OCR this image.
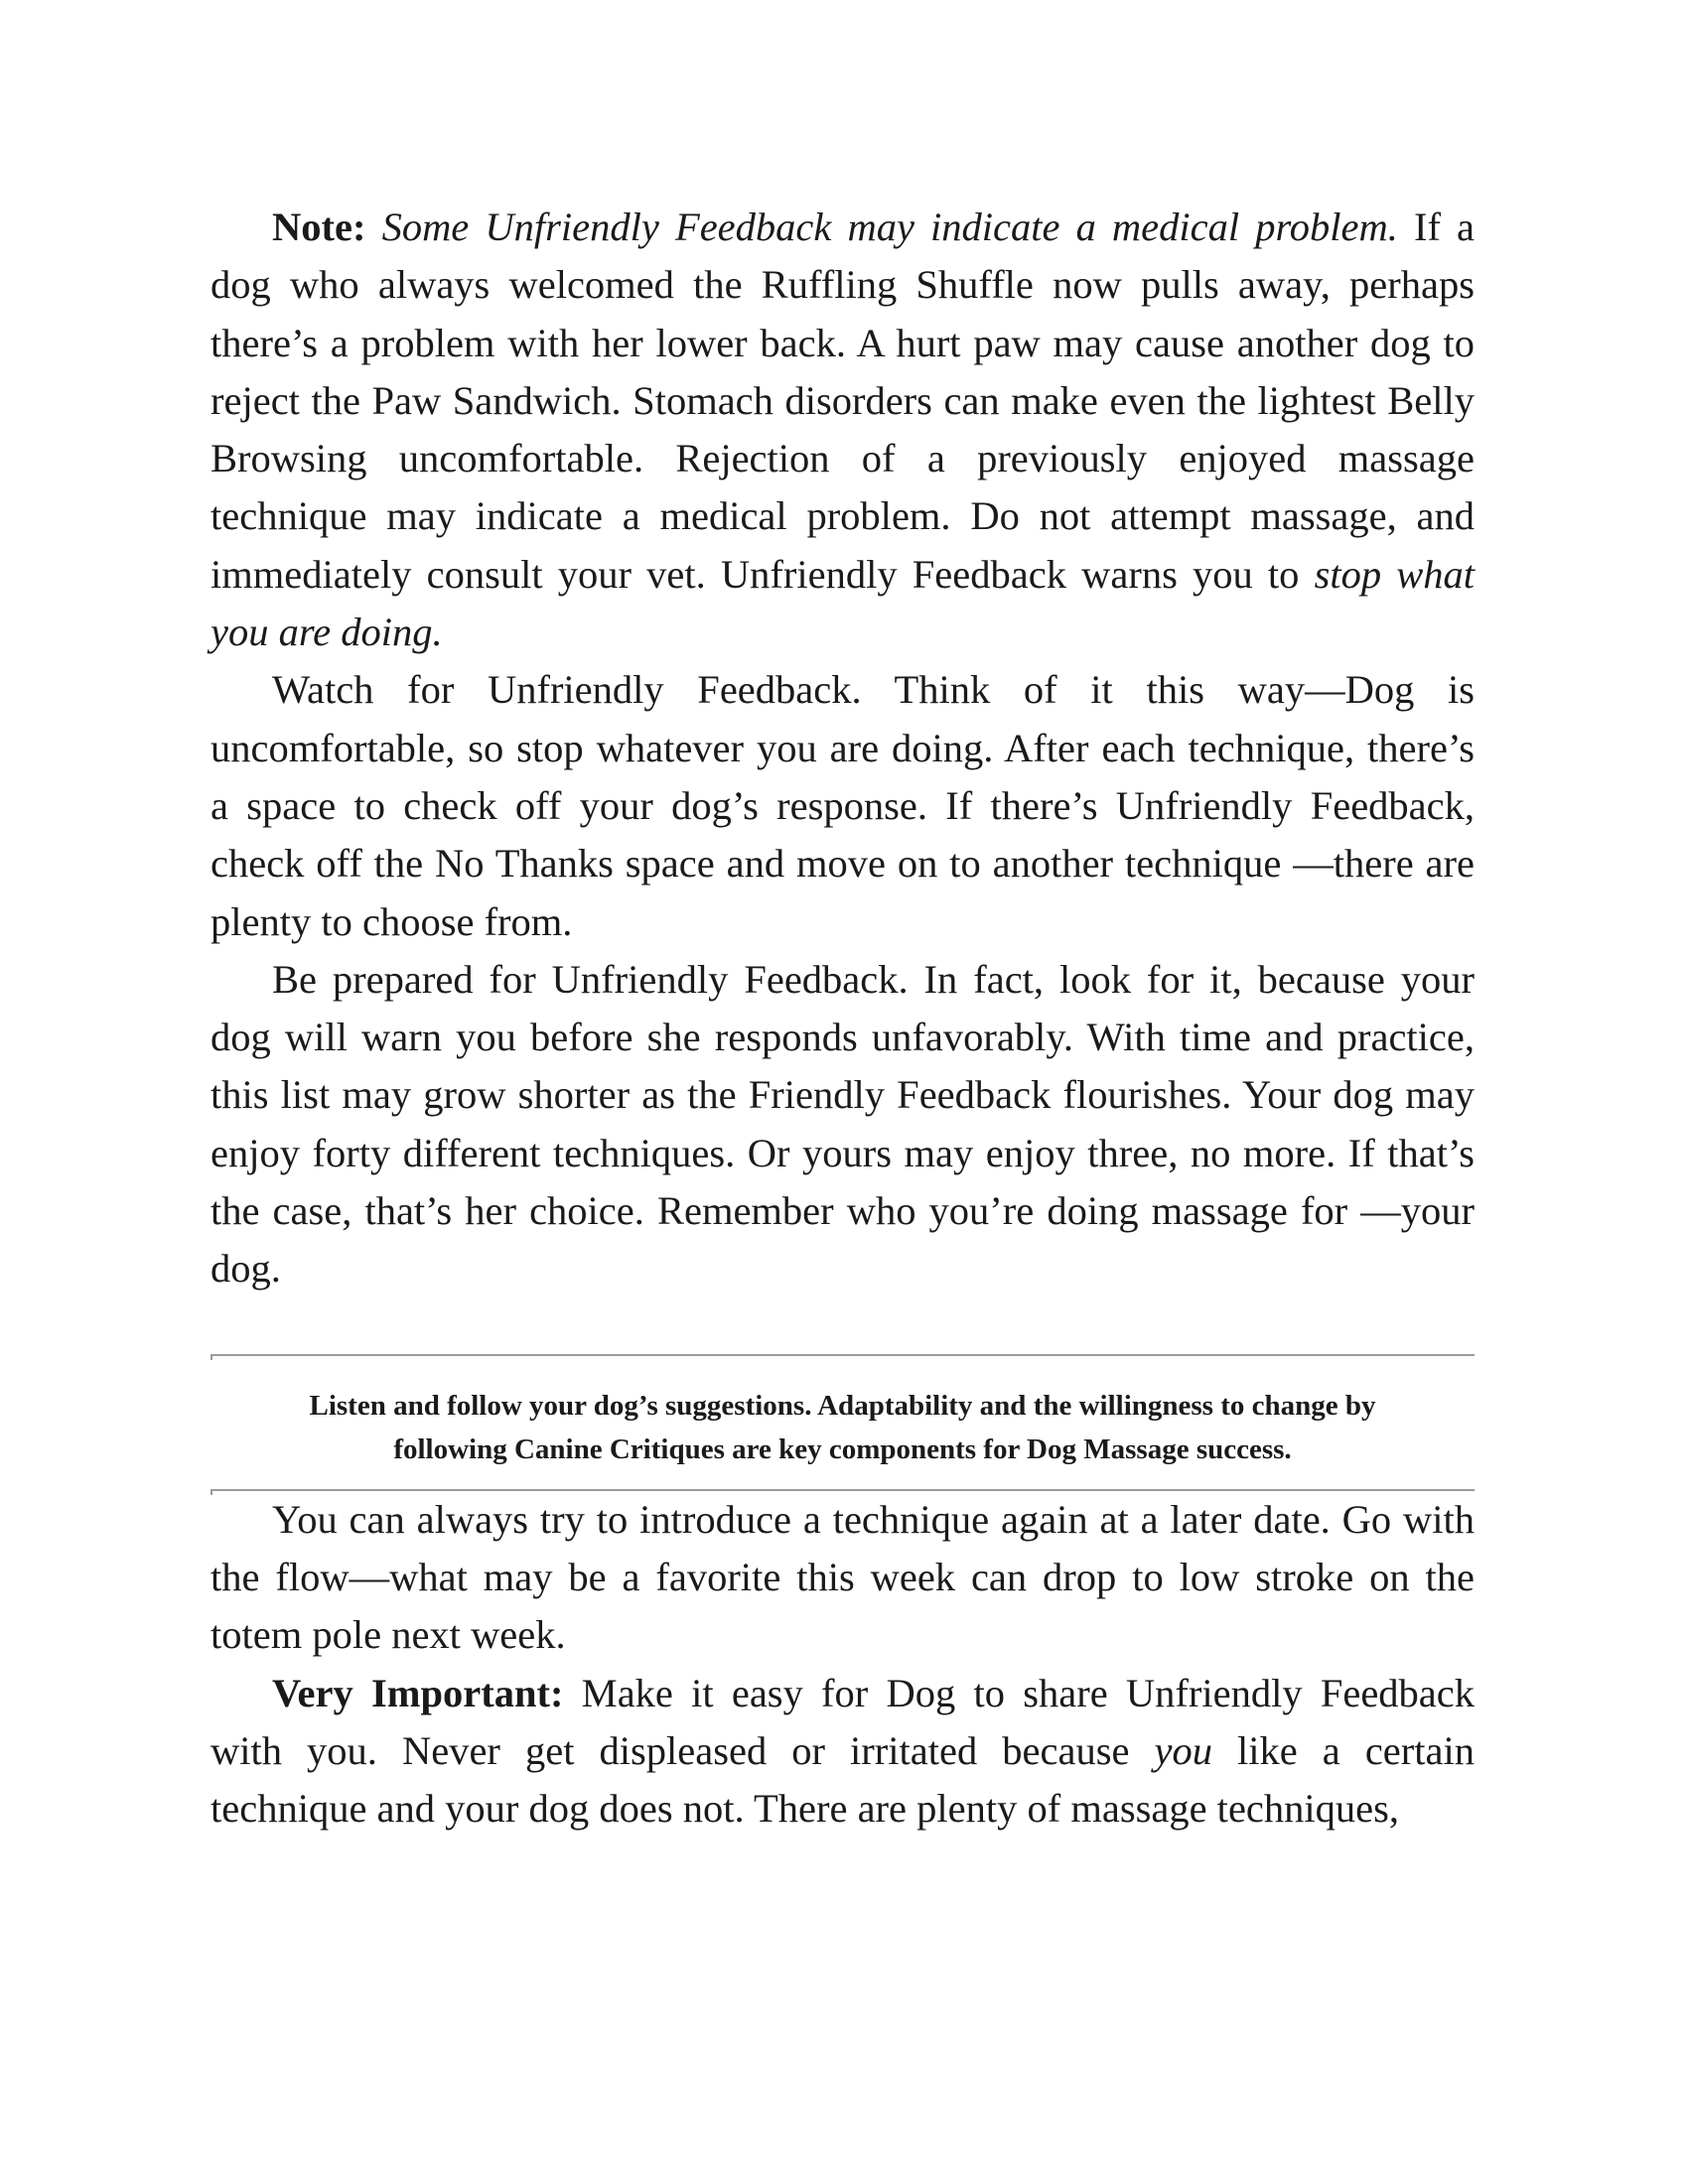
Note: Some Unfriendly Feedback may indicate a medical problem. If a dog who always welcomed the Ruffling Shuffle now pulls away, perhaps there’s a problem with her lower back. A hurt paw may cause another dog to reject the Paw Sandwich. Stomach disorders can make even the lightest Belly Browsing uncomfortable. Rejection of a previously enjoyed massage technique may indicate a medical problem. Do not attempt massage, and immediately consult your vet. Unfriendly Feedback warns you to stop what you are doing.

Watch for Unfriendly Feedback. Think of it this way—Dog is uncomfortable, so stop whatever you are doing. After each technique, there’s a space to check off your dog’s response. If there’s Unfriendly Feedback, check off the No Thanks space and move on to another technique —there are plenty to choose from.

Be prepared for Unfriendly Feedback. In fact, look for it, because your dog will warn you before she responds unfavorably. With time and practice, this list may grow shorter as the Friendly Feedback flourishes. Your dog may enjoy forty different techniques. Or yours may enjoy three, no more. If that’s the case, that’s her choice. Remember who you’re doing massage for —your dog.

Listen and follow your dog’s suggestions. Adaptability and the willingness to change by following Canine Critiques are key components for Dog Massage success.

You can always try to introduce a technique again at a later date. Go with the flow—what may be a favorite this week can drop to low stroke on the totem pole next week.

Very Important: Make it easy for Dog to share Unfriendly Feedback with you. Never get displeased or irritated because you like a certain technique and your dog does not. There are plenty of massage techniques,
